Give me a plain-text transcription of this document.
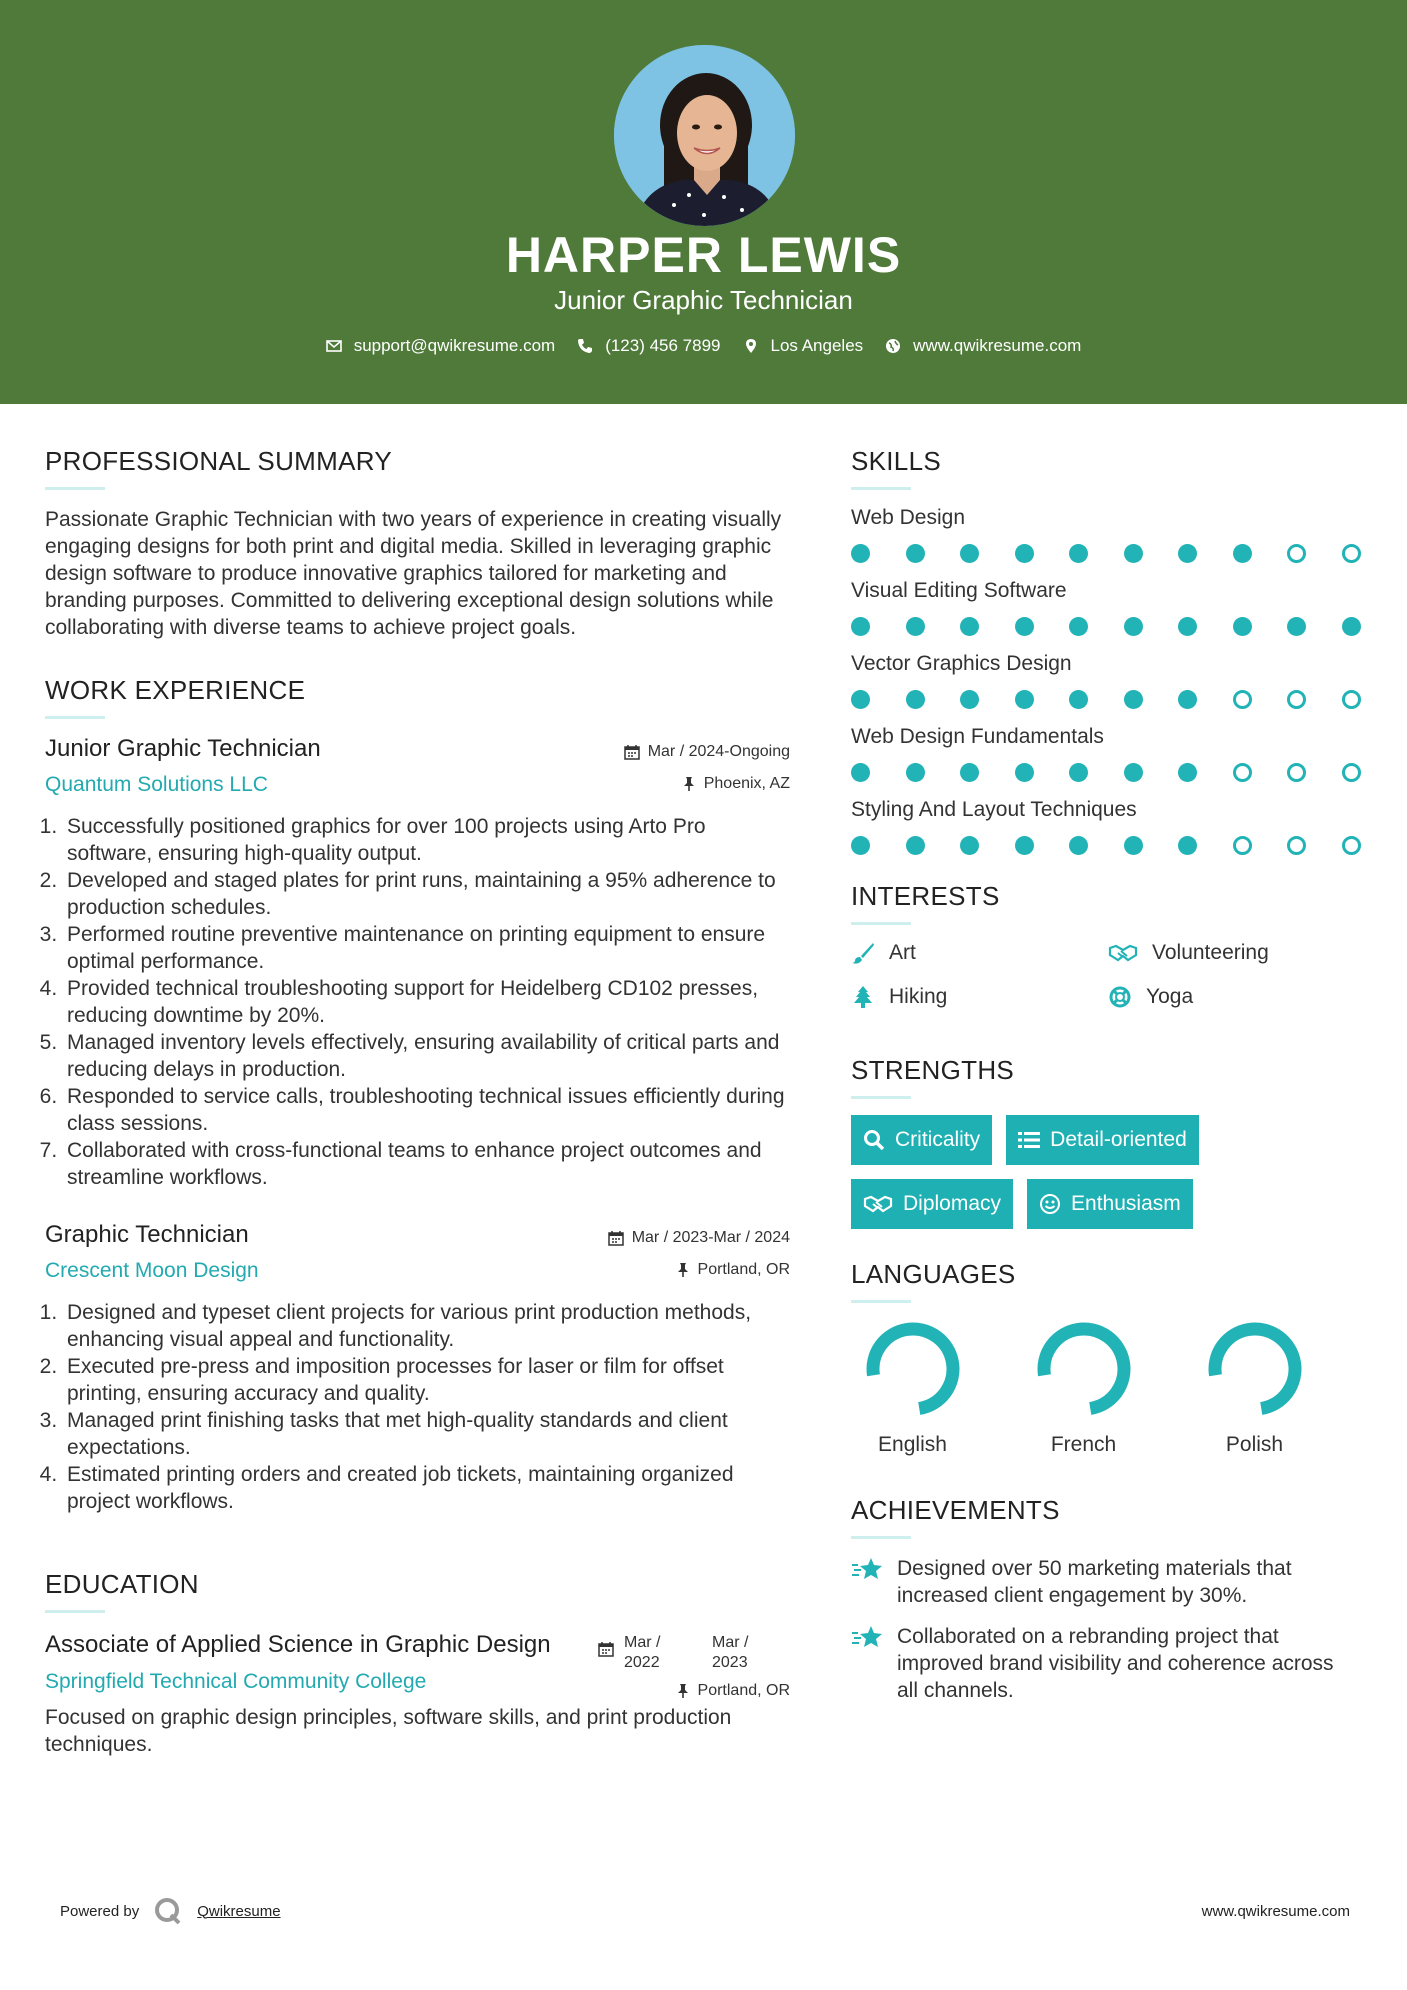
HARPER LEWIS
Junior Graphic Technician
support@qwikresume.com	(123) 456 7899	Los Angeles	www.qwikresume.com
PROFESSIONAL SUMMARY
Passionate Graphic Technician with two years of experience in creating visually engaging designs for both print and digital media. Skilled in leveraging graphic design software to produce innovative graphics tailored for marketing and branding purposes. Committed to delivering exceptional design solutions while collaborating with diverse teams to achieve project goals.
WORK EXPERIENCE
Mar / 2024-Ongoing
Phoenix, AZ
Junior Graphic Technician
Quantum Solutions LLC
1. Successfully positioned graphics for over 100 projects using Arto Pro software, ensuring high-quality output.
2. Developed and staged plates for print runs, maintaining a 95% adherence to production schedules.
3. Performed routine preventive maintenance on printing equipment to ensure optimal performance.
4. Provided technical troubleshooting support for Heidelberg CD102 presses, reducing downtime by 20%.
5. Managed inventory levels effectively, ensuring availability of critical parts and reducing delays in production.
6. Responded to service calls, troubleshooting technical issues efficiently during class sessions.
7. Collaborated with cross-functional teams to enhance project outcomes and streamline workflows.
Mar / 2023-Mar / 2024
Portland, OR
Graphic Technician
Crescent Moon Design
1. Designed and typeset client projects for various print production methods, enhancing visual appeal and functionality.
2. Executed pre-press and imposition processes for laser or film for offset printing, ensuring accuracy and quality.
3. Managed print finishing tasks that met high-quality standards and client expectations.
4. Estimated printing orders and created job tickets, maintaining organized project workflows.
EDUCATION
Mar / 2022
Mar / 2023
Associate of Applied Science in Graphic Design
Portland, OR
Springfield Technical Community College
Focused on graphic design principles, software skills, and print production techniques.
SKILLS
Web Design
Visual Editing Software
Vector Graphics Design
Web Design Fundamentals
Styling And Layout Techniques
INTERESTS
Art	Volunteering
Hiking	Yoga
STRENGTHS
Criticality	Detail-oriented
Diplomacy	Enthusiasm
LANGUAGES
English	French	Polish
ACHIEVEMENTS
Designed over 50 marketing materials that increased client engagement by 30%.
Collaborated on a rebranding project that improved brand visibility and coherence across all channels.
Powered by	Qwikresume	www.qwikresume.com
